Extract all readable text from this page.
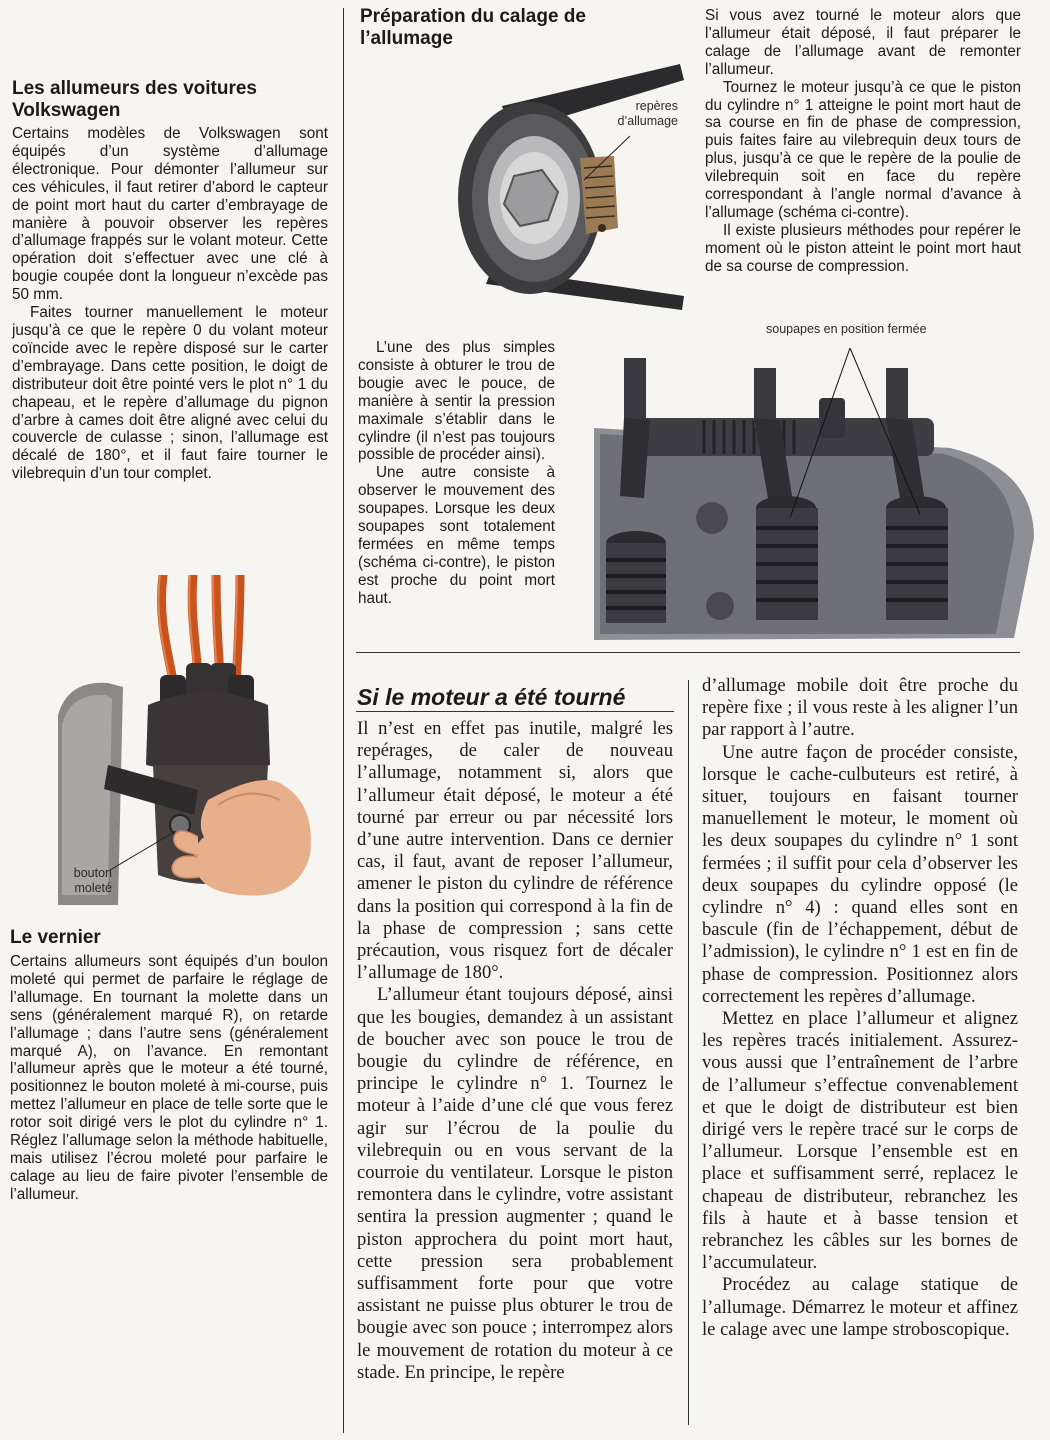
Les allumeurs des voitures Volkswagen

Certains modèles de Volkswagen sont équipés d’un système d’allumage électronique. Pour démonter l’allumeur sur ces véhicules, il faut retirer d’abord le capteur de point mort haut du carter d’embrayage de manière à pouvoir observer les repères d’allumage frappés sur le volant moteur. Cette opération doit s’effectuer avec une clé à bougie coupée dont la longueur n’excède pas 50 mm.

Faites tourner manuellement le moteur jusqu’à ce que le repère 0 du volant moteur coïncide avec le repère disposé sur le carter d’embrayage. Dans cette position, le doigt de distributeur doit être pointé vers le plot n° 1 du chapeau, et le repère d’allumage du pignon d’arbre à cames doit être aligné avec celui du couvercle de culasse ; sinon, l’allumage est décalé de 180°, et il faut faire tourner le vilebrequin d’un tour complet.

bouton moleté
Le vernier

Certains allumeurs sont équipés d’un boulon moleté qui permet de parfaire le réglage de l’allumage. En tournant la molette dans un sens (généralement marqué R), on retarde l’allumage ; dans l’autre sens (généralement marqué A), on l’avance. En remontant l’allumeur après que le moteur a été tourné, positionnez le bouton moleté à mi-course, puis mettez l’allumeur en place de telle sorte que le rotor soit dirigé vers le plot du cylindre n° 1. Réglez l’allumage selon la méthode habituelle, mais utilisez l’écrou moleté pour parfaire le calage au lieu de faire pivoter l’ensemble de l’allumeur.

Préparation du calage de l’allumage
repères d’allumage

L’une des plus simples consiste à obturer le trou de bougie avec le pouce, de manière à sentir la pression maximale s’établir dans le cylindre (il n’est pas toujours possible de procéder ainsi).

Une autre consiste à observer le mouvement des soupapes. Lorsque les deux soupapes sont totalement fermées en même temps (schéma ci-contre), le piston est proche du point mort haut.

Si vous avez tourné le moteur alors que l’allumeur était déposé, il faut préparer le calage de l’allumage avant de remonter l’allumeur.

Tournez le moteur jusqu’à ce que le piston du cylindre n° 1 atteigne le point mort haut de sa course en fin de phase de compression, puis faites faire au vilebrequin deux tours de plus, jusqu’à ce que le repère de la poulie de vilebrequin soit en face du repère correspondant à l’angle normal d’avance à l’allumage (schéma ci-contre).

Il existe plusieurs méthodes pour repérer le moment où le piston atteint le point mort haut de sa course de compression.

soupapes en position fermée
Si le moteur a été tourné

Il n’est en effet pas inutile, malgré les repérages, de caler de nouveau l’allumage, notamment si, alors que l’allumeur était déposé, le moteur a été tourné par erreur ou par nécessité lors d’une autre intervention. Dans ce dernier cas, il faut, avant de reposer l’allumeur, amener le piston du cylindre de référence dans la position qui correspond à la fin de la phase de compression ; sans cette précaution, vous risquez fort de décaler l’allumage de 180°.

L’allumeur étant toujours déposé, ainsi que les bougies, demandez à un assistant de boucher avec son pouce le trou de bougie du cylindre de référence, en principe le cylindre n° 1. Tournez le moteur à l’aide d’une clé que vous ferez agir sur l’écrou de la poulie du vilebrequin ou en vous servant de la courroie du ventilateur. Lorsque le piston remontera dans le cylindre, votre assistant sentira la pression augmenter ; quand le piston approchera du point mort haut, cette pression sera probablement suffisamment forte pour que votre assistant ne puisse plus obturer le trou de bougie avec son pouce ; interrompez alors le mouvement de rotation du moteur à ce stade. En principe, le repère

d’allumage mobile doit être proche du repère fixe ; il vous reste à les aligner l’un par rapport à l’autre.

Une autre façon de procéder consiste, lorsque le cache-culbuteurs est retiré, à situer, toujours en faisant tourner manuellement le moteur, le moment où les deux soupapes du cylindre n° 1 sont fermées ; il suffit pour cela d’observer les deux soupapes du cylindre opposé (le cylindre n° 4) : quand elles sont en bascule (fin de l’échappement, début de l’admission), le cylindre n° 1 est en fin de phase de compression. Positionnez alors correctement les repères d’allumage.

Mettez en place l’allumeur et alignez les repères tracés initialement. Assurez-vous aussi que l’entraînement de l’arbre de l’allumeur s’effectue convenablement et que le doigt de distributeur est bien dirigé vers le repère tracé sur le corps de l’allumeur. Lorsque l’ensemble est en place et suffisamment serré, replacez le chapeau de distributeur, rebranchez les fils à haute et à basse tension et rebranchez les câbles sur les bornes de l’accumulateur.

Procédez au calage statique de l’allumage. Démarrez le moteur et affinez le calage avec une lampe stroboscopique.
